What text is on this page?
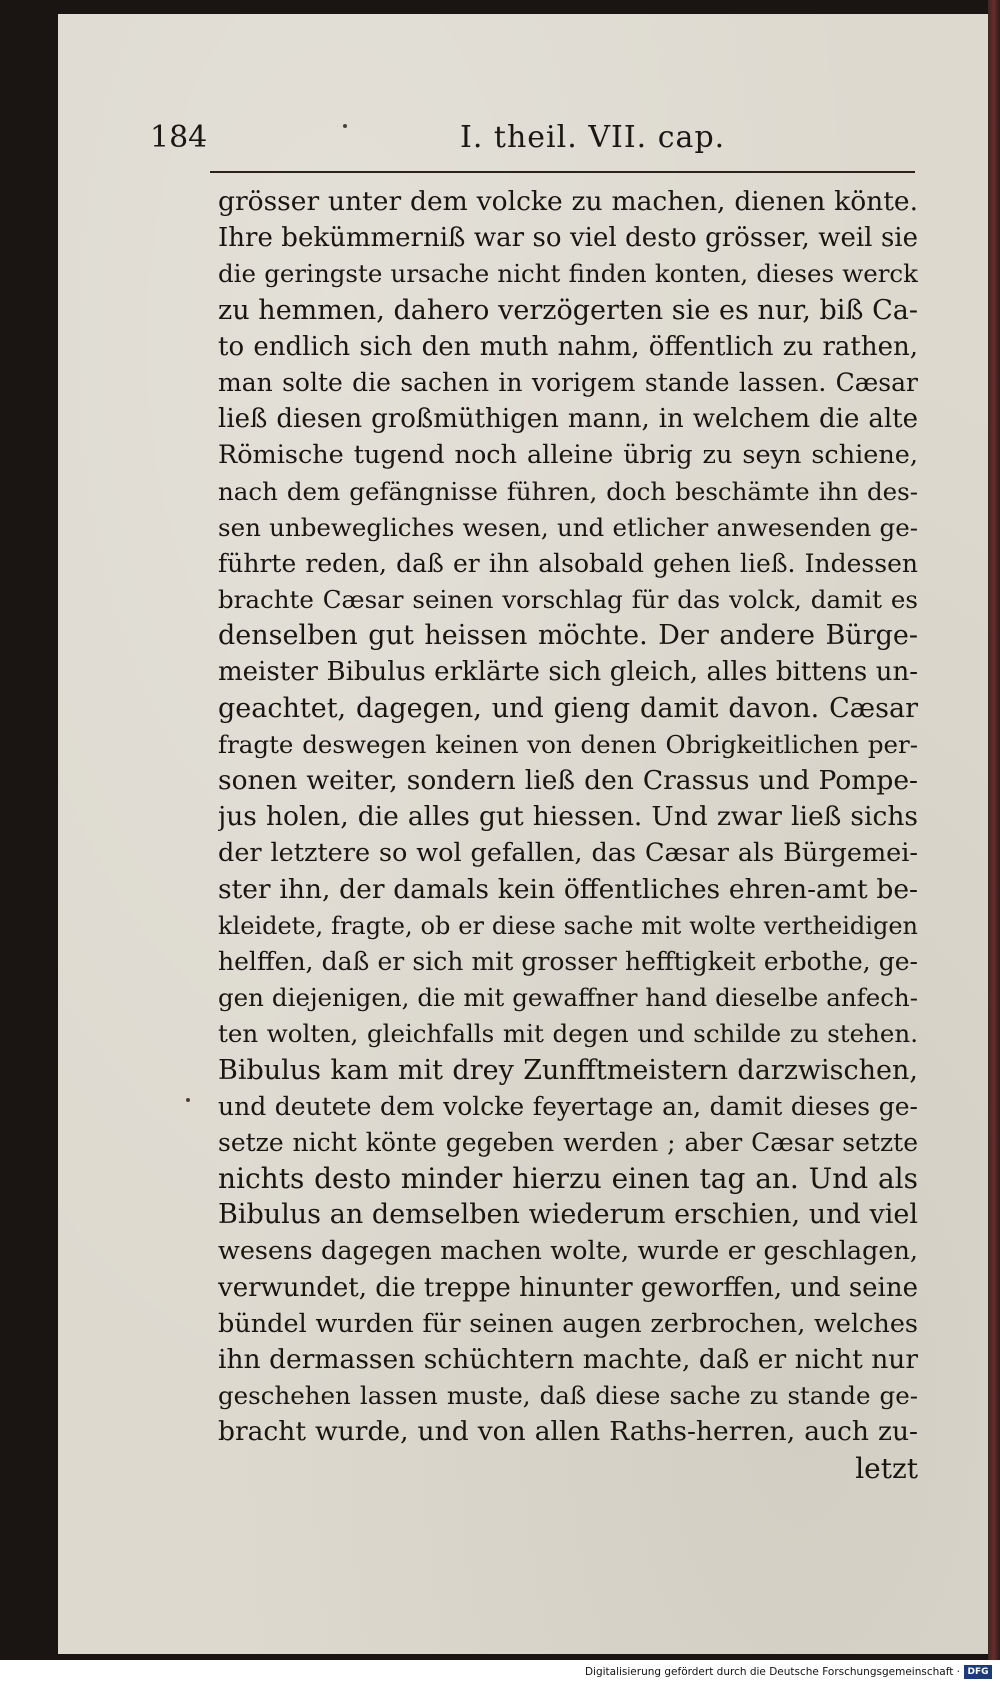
184	I. theil. VII. cap.
grösser unter dem volcke zu machen, dienen könte.
Ihre bekümmerniß war so viel desto grösser, weil sie
die geringste ursache nicht finden konten, dieses werck
zu hemmen, dahero verzögerten sie es nur, biß Ca-
to endlich sich den muth nahm, öffentlich zu rathen,
man solte die sachen in vorigem stande lassen. Cæsar
ließ diesen großmüthigen mann, in welchem die alte
Römische tugend noch alleine übrig zu seyn schiene,
nach dem gefängnisse führen, doch beschämte ihn des-
sen unbewegliches wesen, und etlicher anwesenden ge-
führte reden, daß er ihn alsobald gehen ließ. Indessen
brachte Cæsar seinen vorschlag für das volck, damit es
denselben gut heissen möchte. Der andere Bürge-
meister Bibulus erklärte sich gleich, alles bittens un-
geachtet, dagegen, und gieng damit davon. Cæsar
fragte deswegen keinen von denen Obrigkeitlichen per-
sonen weiter, sondern ließ den Crassus und Pompe-
jus holen, die alles gut hiessen. Und zwar ließ sichs
der letztere so wol gefallen, das Cæsar als Bürgemei-
ster ihn, der damals kein öffentliches ehren-amt be-
kleidete, fragte, ob er diese sache mit wolte vertheidigen
helffen, daß er sich mit grosser hefftigkeit erbothe, ge-
gen diejenigen, die mit gewaffner hand dieselbe anfech-
ten wolten, gleichfalls mit degen und schilde zu stehen.
Bibulus kam mit drey Zunfftmeistern darzwischen,
und deutete dem volcke feyertage an, damit dieses ge-
setze nicht könte gegeben werden ; aber Cæsar setzte
nichts desto minder hierzu einen tag an. Und als
Bibulus an demselben wiederum erschien, und viel
wesens dagegen machen wolte, wurde er geschlagen,
verwundet, die treppe hinunter geworffen, und seine
bündel wurden für seinen augen zerbrochen, welches
ihn dermassen schüchtern machte, daß er nicht nur
geschehen lassen muste, daß diese sache zu stande ge-
bracht wurde, und von allen Raths-herren, auch zu-
letzt
Digitalisierung gefördert durch die Deutsche Forschungsgemeinschaft · DFG
